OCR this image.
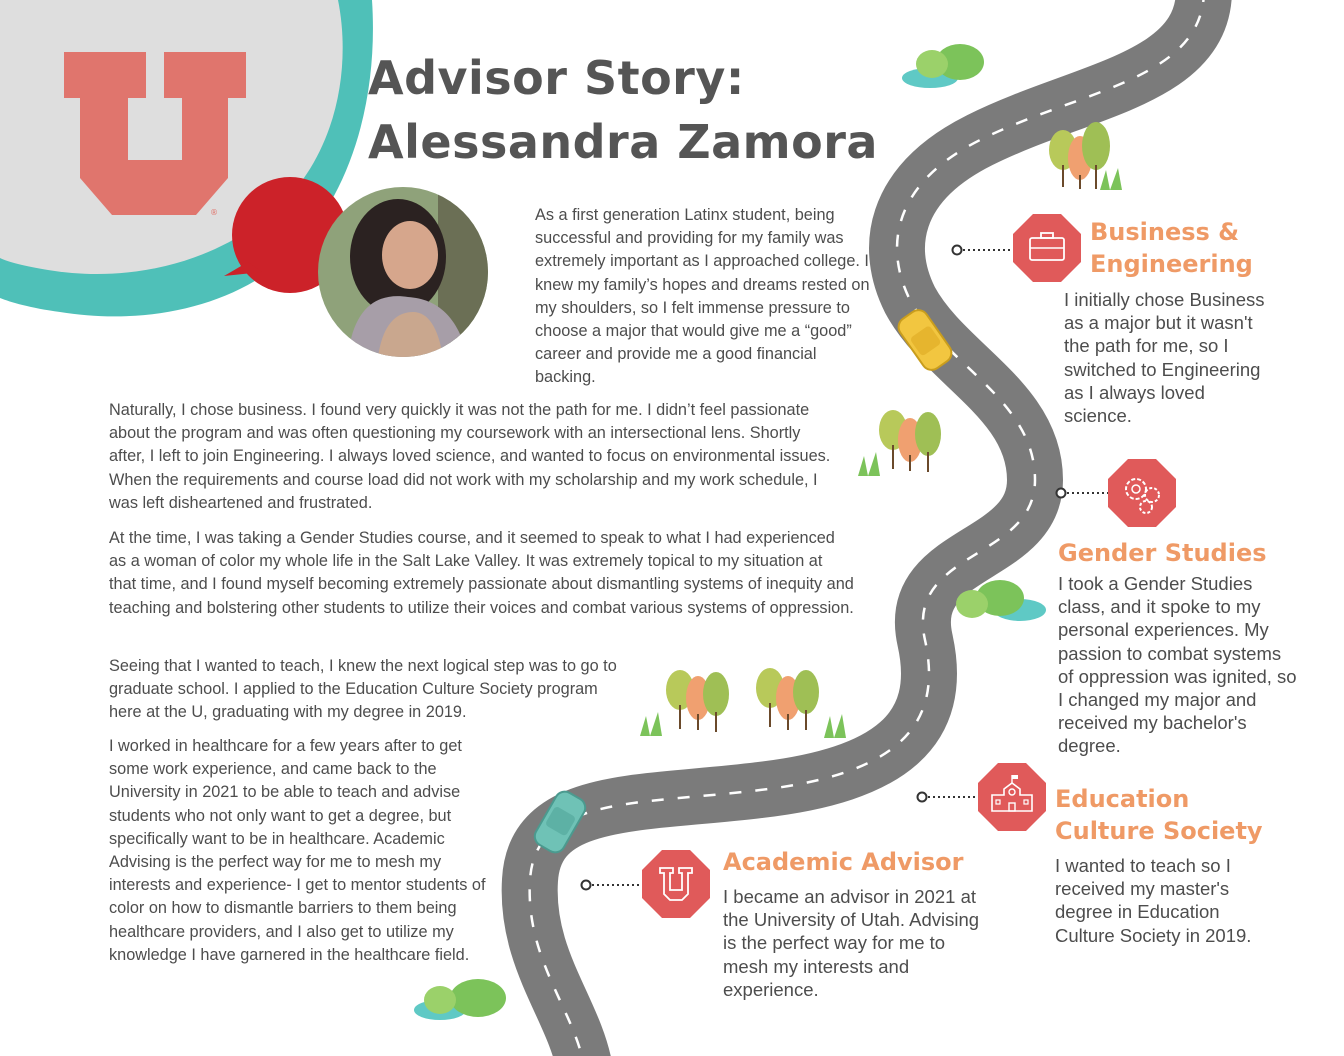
®
Advisor Story:
Alessandra Zamora

As a first generation Latinx student, being successful and providing for my family was extremely important as I approached college. I knew my family’s hopes and dreams rested on my shoulders, so I felt immense pressure to choose a major that would give me a “good” career and provide me a good financial backing.

Naturally, I chose business. I found very quickly it was not the path for me. I didn’t feel passionate about the program and was often questioning my coursework with an intersectional lens. Shortly after, I left to join Engineering. I always loved science, and wanted to focus on environmental issues. When the requirements and course load did not work with my scholarship and my work schedule, I was left disheartened and frustrated.

At the time, I was taking a Gender Studies course, and it seemed to speak to what I had experienced as a woman of color my whole life in the Salt Lake Valley. It was extremely topical to my situation at that time, and I found myself becoming extremely passionate about dismantling systems of inequity and teaching and bolstering other students to utilize their voices and combat various systems of oppression.

Seeing that I wanted to teach, I knew the next logical step was to go to graduate school. I applied to the Education Culture Society program here at the U, graduating with my degree in 2019.

I worked in healthcare for a few years after to get some work experience, and came back to the University in 2021 to be able to teach and advise students who not only want to get a degree, but specifically want to be in healthcare. Academic Advising is the perfect way for me to mesh my interests and experience- I get to mentor students of color on how to dismantle barriers to them being healthcare providers, and I also get to utilize my knowledge I have garnered in the healthcare field.

Business &
Engineering

I initially chose Business as a major but it wasn't the path for me, so I switched to Engineering as I always loved science.

Gender Studies

I took a Gender Studies class, and it spoke to my personal experiences. My passion to combat systems of oppression was ignited, so I changed my major and received my bachelor's degree.

Education
Culture Society

I wanted to teach so I received my master's degree in Education Culture Society in 2019.

Academic Advisor

I became an advisor in 2021 at the University of Utah. Advising is the perfect way for me to mesh my interests and experience.
